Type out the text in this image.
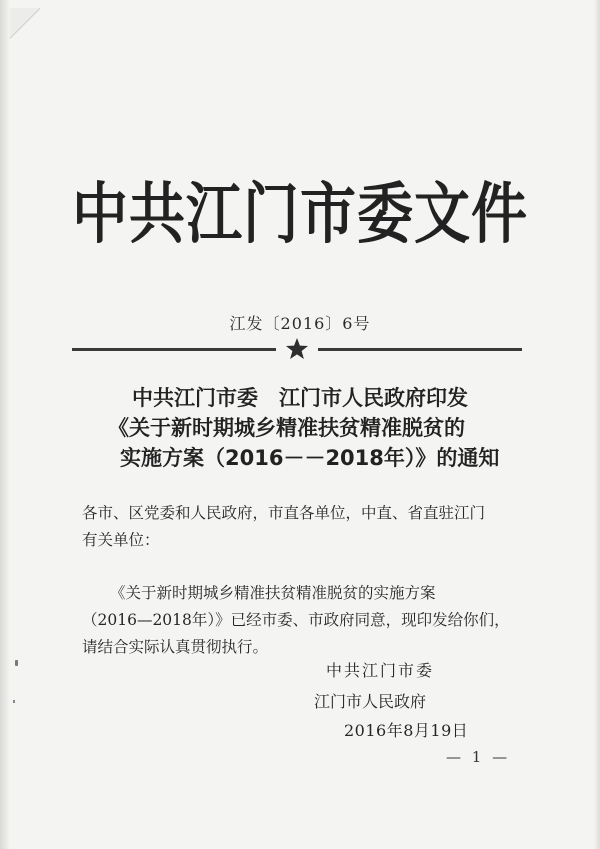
中共江门市委文件
江发〔2016〕6号
中共江门市委　江门市人民政府印发
《关于新时期城乡精准扶贫精准脱贫的
实施方案（2016－－2018年）》的通知
各市、区党委和人民政府，市直各单位，中直、省直驻江门
有关单位：
《关于新时期城乡精准扶贫精准脱贫的实施方案
（2016—2018年）》已经市委、市政府同意，现印发给你们，
请结合实际认真贯彻执行。
中共江门市委
江门市人民政府
2016年8月19日
— 1 —
